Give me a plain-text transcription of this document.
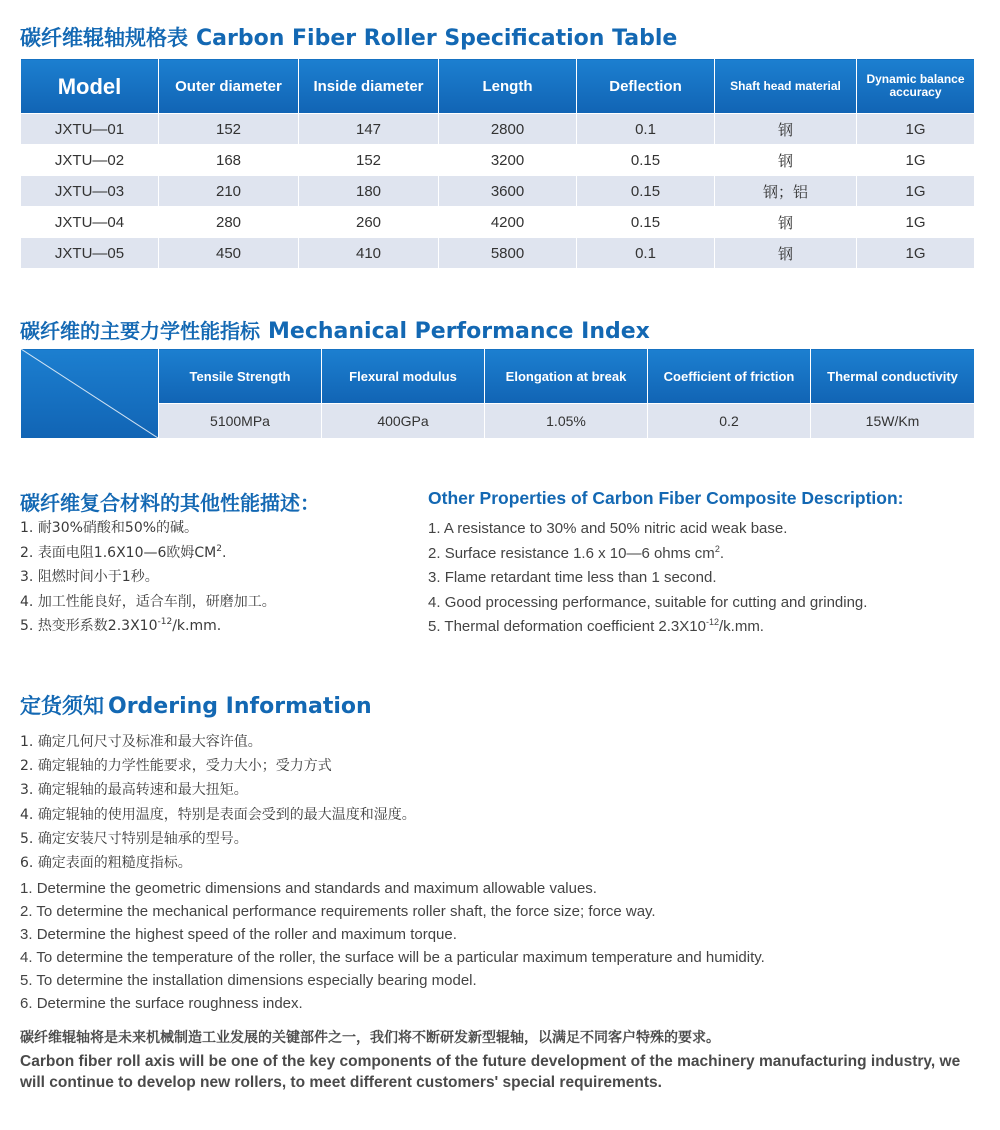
碳纤维辊轴规格表 Carbon Fiber Roller Specification Table
Model	Outer diameter	Inside diameter	Length	Deflection	Shaft head material	Dynamic balance accuracy
JXTU—01	152	147	2800	0.1	钢	1G
JXTU—02	168	152	3200	0.15	钢	1G
JXTU—03	210	180	3600	0.15	钢；铝	1G
JXTU—04	280	260	4200	0.15	钢	1G
JXTU—05	450	410	5800	0.1	钢	1G
碳纤维的主要力学性能指标 Mechanical Performance Index
	Tensile Strength	Flexural modulus	Elongation at break	Coefficient of friction	Thermal conductivity
	5100MPa	400GPa	1.05%	0.2	15W/Km
碳纤维复合材料的其他性能描述：	Other Properties of Carbon Fiber Composite Description:
1. 耐30%硝酸和50%的碱。
2. 表面电阻1.6X10—6欧姆$CM^2$.
3. 阻燃时间小于1秒。
4. 加工性能良好，适合车削，研磨加工。
5. 热变形系数$2.3X10^{-12}/k.mm$.
1. A resistance to 30% and 50% nitric acid weak base.
2. Surface resistance 1.6 x 10—6 ohms $cm^2$.
3. Flame retardant time less than 1 second.
4. Good processing performance, suitable for cutting and grinding.
5. Thermal deformation coefficient $2.3X10^{-12}/k.mm$.
定货须知 Ordering Information
1. 确定几何尺寸及标准和最大容许值。
2. 确定辊轴的力学性能要求，受力大小；受力方式
3. 确定辊轴的最高转速和最大扭矩。
4. 确定辊轴的使用温度，特别是表面会受到的最大温度和湿度。
5. 确定安装尺寸特别是轴承的型号。
6. 确定表面的粗糙度指标。
1. Determine the geometric dimensions and standards and maximum allowable values.
2. To determine the mechanical performance requirements roller shaft, the force size; force way.
3. Determine the highest speed of the roller and maximum torque.
4. To determine the temperature of the roller, the surface will be a particular maximum temperature and humidity.
5. To determine the installation dimensions especially bearing model.
6. Determine the surface roughness index.

碳纤维辊轴将是未来机械制造工业发展的关键部件之一，我们将不断研发新型辊轴，以满足不同客户特殊的要求。

Carbon fiber roll axis will be one of the key components of the future development of the machinery manufacturing industry, we will continue to develop new rollers, to meet different customers' special requirements.
